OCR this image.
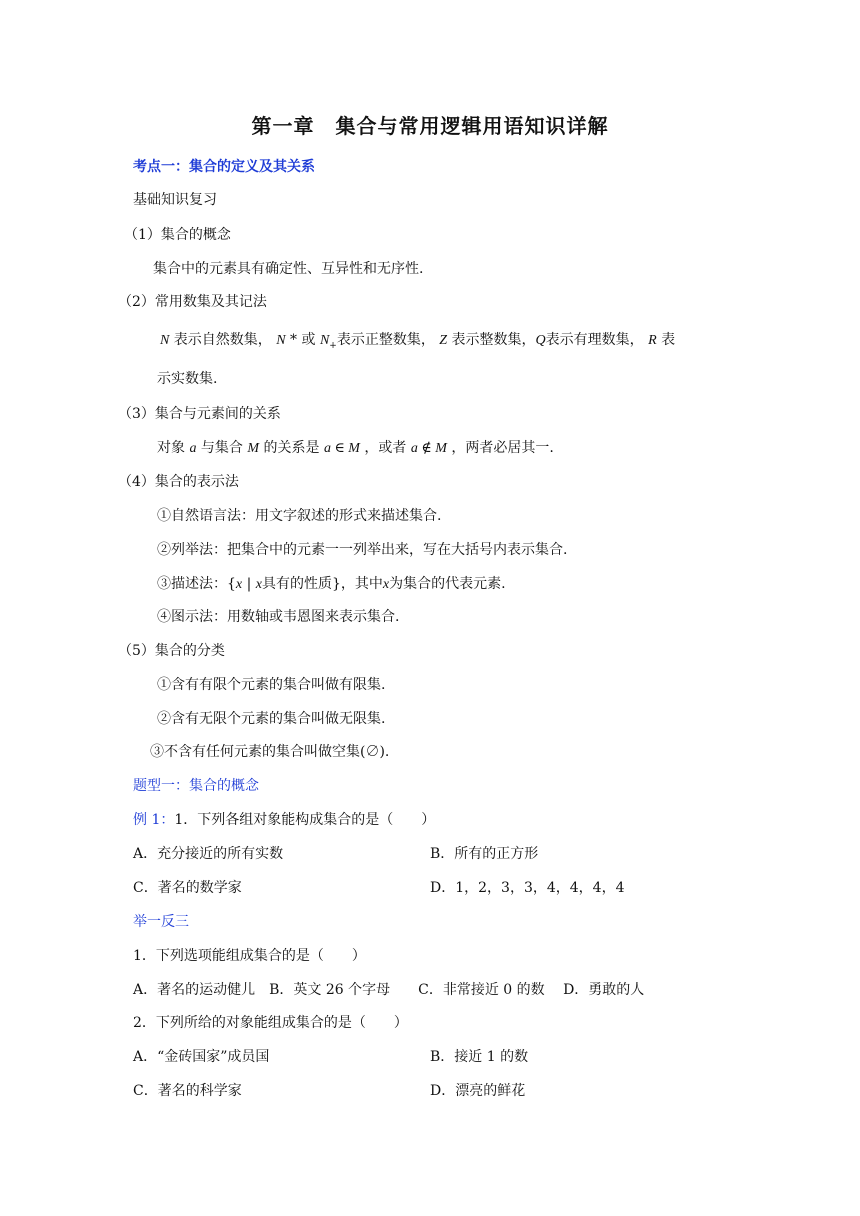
第一章　集合与常用逻辑用语知识详解
考点一：集合的定义及其关系
基础知识复习
（1）集合的概念
集合中的元素具有确定性、互异性和无序性.
（2）常用数集及其记法
N 表示自然数集， N * 或 $N_+$表示正整数集， Z 表示整数集，Q表示有理数集， R 表
示实数集.
（3）集合与元素间的关系
对象 a 与集合 M 的关系是 a ∈ M ，或者 a ∉ M ，两者必居其一.
（4）集合的表示法
①自然语言法：用文字叙述的形式来描述集合.
②列举法：把集合中的元素一一列举出来，写在大括号内表示集合.
③描述法：{x | x具有的性质}，其中x为集合的代表元素.
④图示法：用数轴或韦恩图来表示集合.
（5）集合的分类
①含有有限个元素的集合叫做有限集.
②含有无限个元素的集合叫做无限集.
③不含有任何元素的集合叫做空集(∅).
题型一：集合的概念
例 1：1．下列各组对象能构成集合的是（　　）
A．充分接近的所有实数	B．所有的正方形
C．著名的数学家	D．1，2，3，3，4，4，4，4
举一反三
1．下列选项能组成集合的是（　　）
A．著名的运动健儿　B．英文 26 个字母　　C．非常接近 0 的数　 D．勇敢的人
2．下列所给的对象能组成集合的是（　　）
A．“金砖国家”成员国	B．接近 1 的数
C．著名的科学家	D．漂亮的鲜花
